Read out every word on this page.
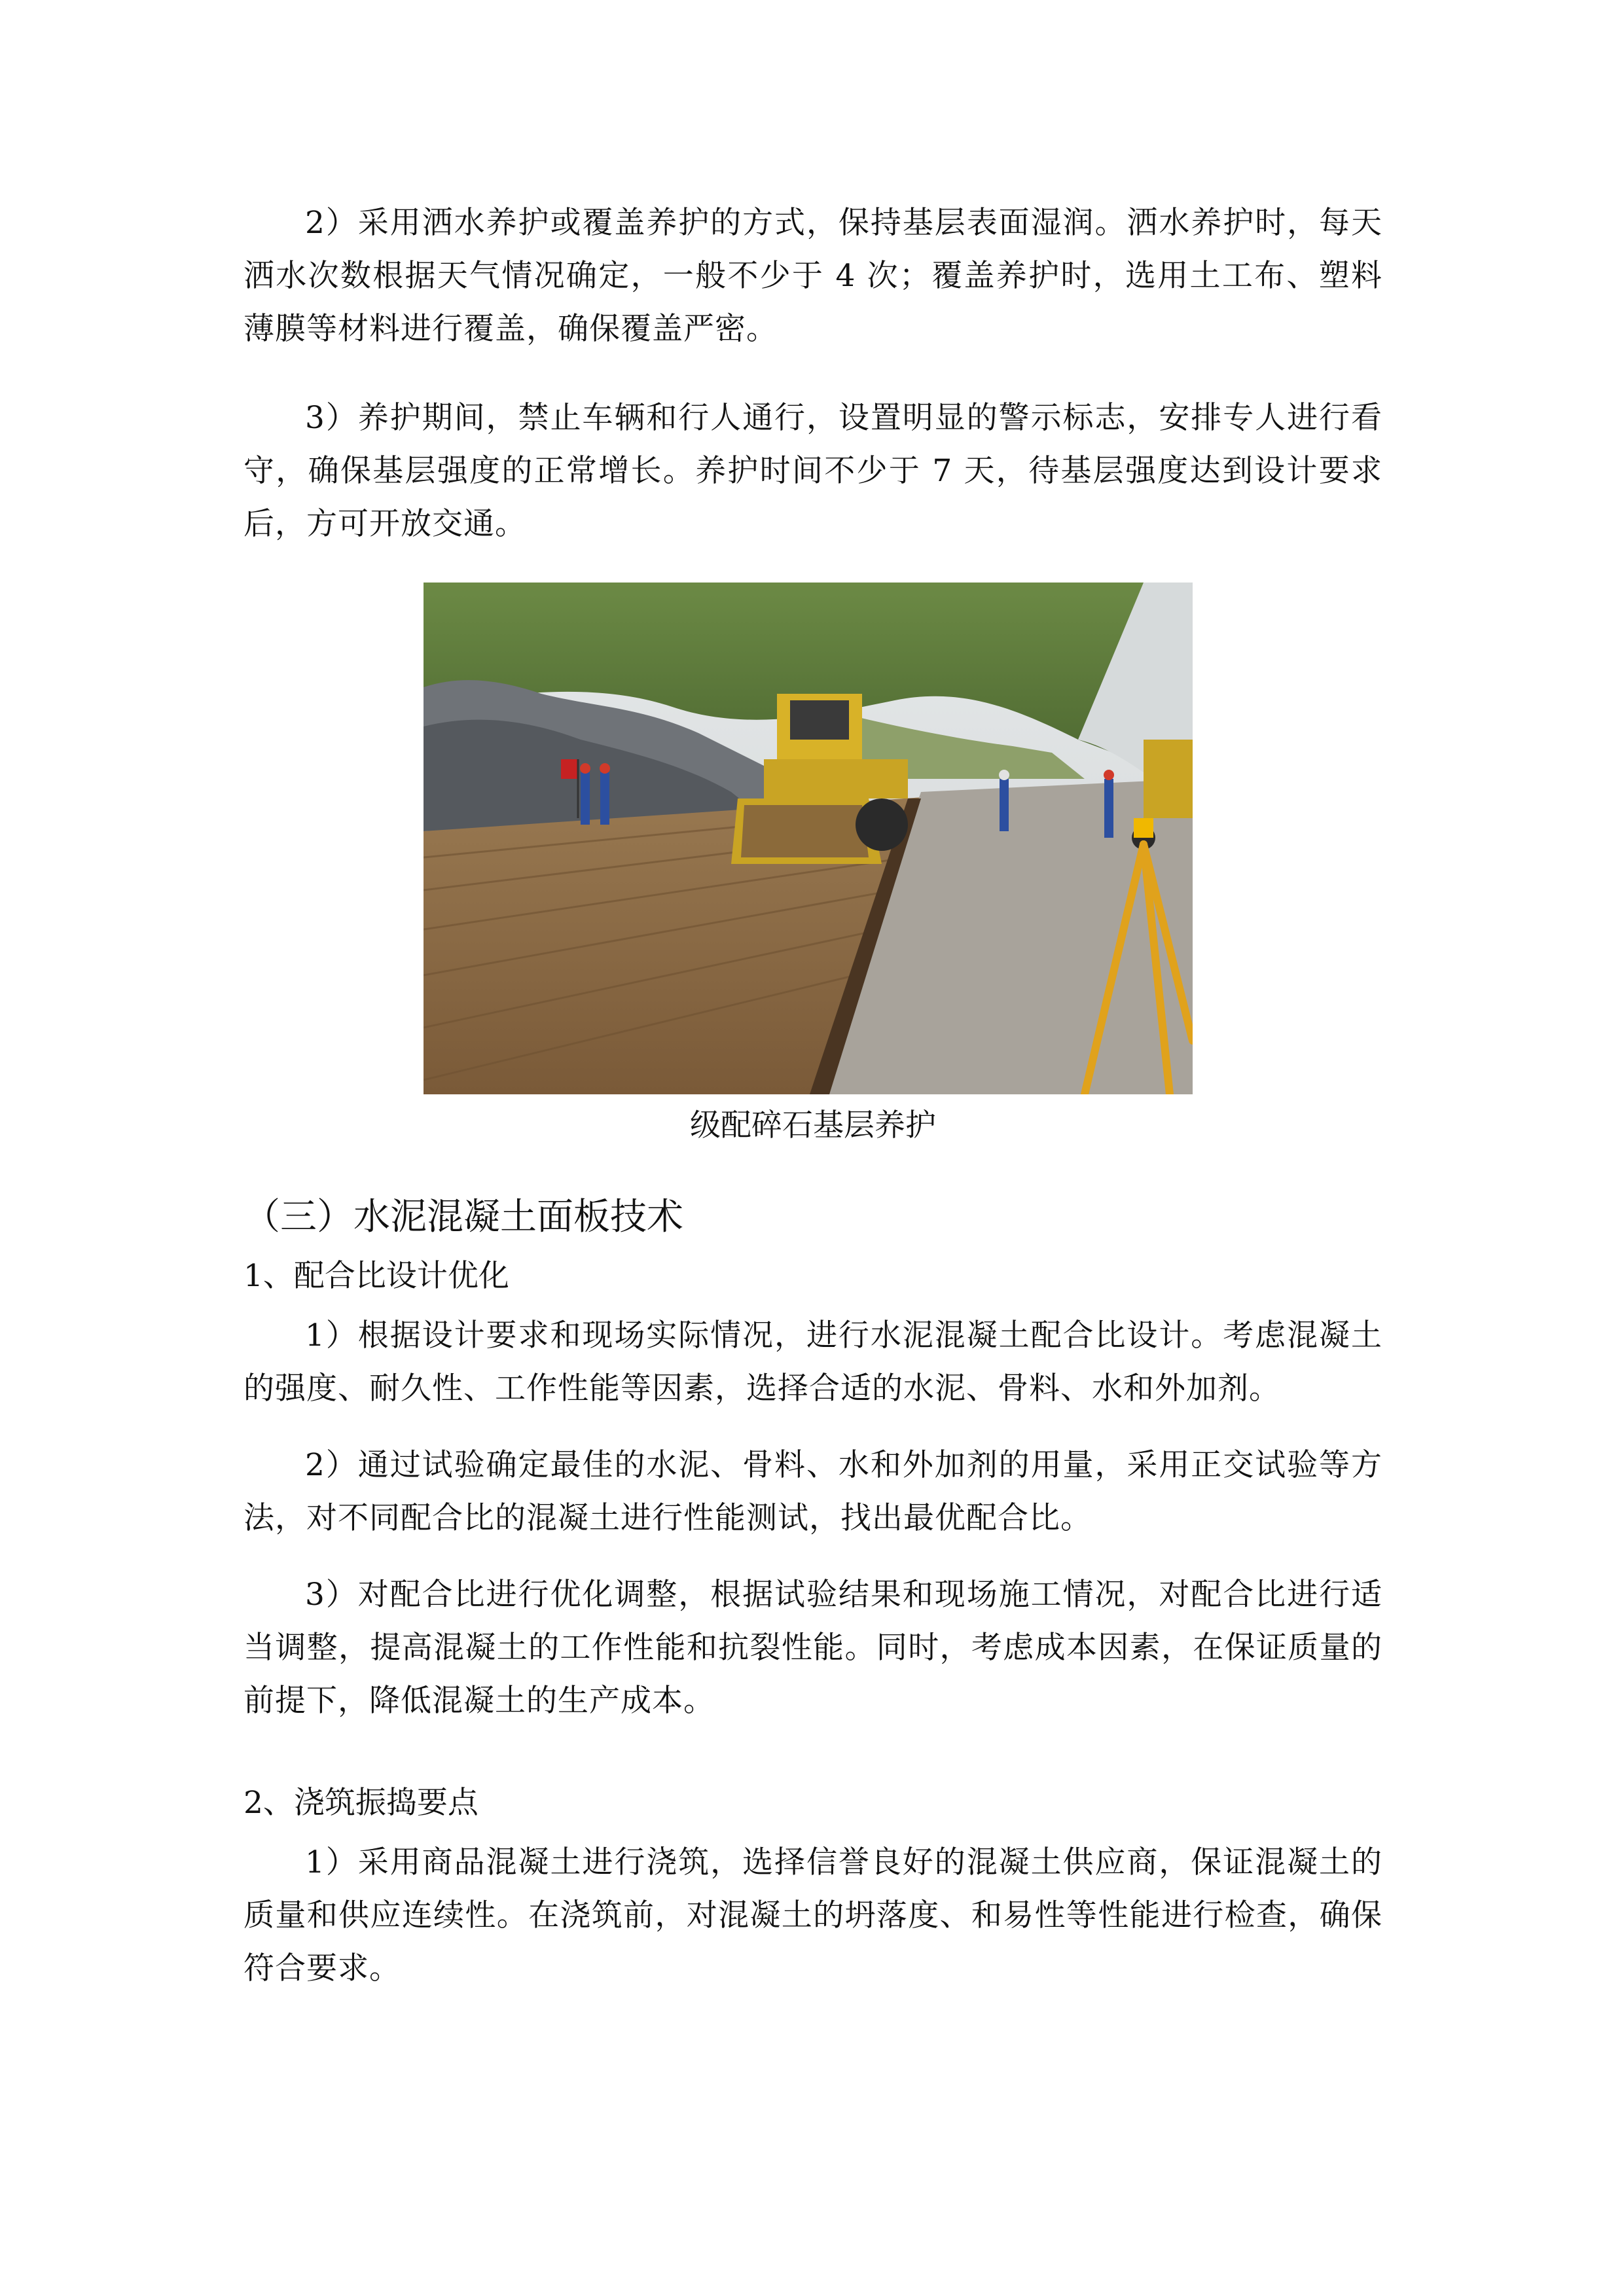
2）采用洒水养护或覆盖养护的方式，保持基层表面湿润。洒水养护时，每天洒水次数根据天气情况确定，一般不少于 4 次；覆盖养护时，选用土工布、塑料薄膜等材料进行覆盖，确保覆盖严密。

3）养护期间，禁止车辆和行人通行，设置明显的警示标志，安排专人进行看守，确保基层强度的正常增长。养护时间不少于 7 天，待基层强度达到设计要求后，方可开放交通。

级配碎石基层养护
（三）水泥混凝土面板技术
1、配合比设计优化

1）根据设计要求和现场实际情况，进行水泥混凝土配合比设计。考虑混凝土的强度、耐久性、工作性能等因素，选择合适的水泥、骨料、水和外加剂。

2）通过试验确定最佳的水泥、骨料、水和外加剂的用量，采用正交试验等方法，对不同配合比的混凝土进行性能测试，找出最优配合比。

3）对配合比进行优化调整，根据试验结果和现场施工情况，对配合比进行适当调整，提高混凝土的工作性能和抗裂性能。同时，考虑成本因素，在保证质量的前提下，降低混凝土的生产成本。

2、浇筑振捣要点

1）采用商品混凝土进行浇筑，选择信誉良好的混凝土供应商，保证混凝土的质量和供应连续性。在浇筑前，对混凝土的坍落度、和易性等性能进行检查，确保符合要求。
